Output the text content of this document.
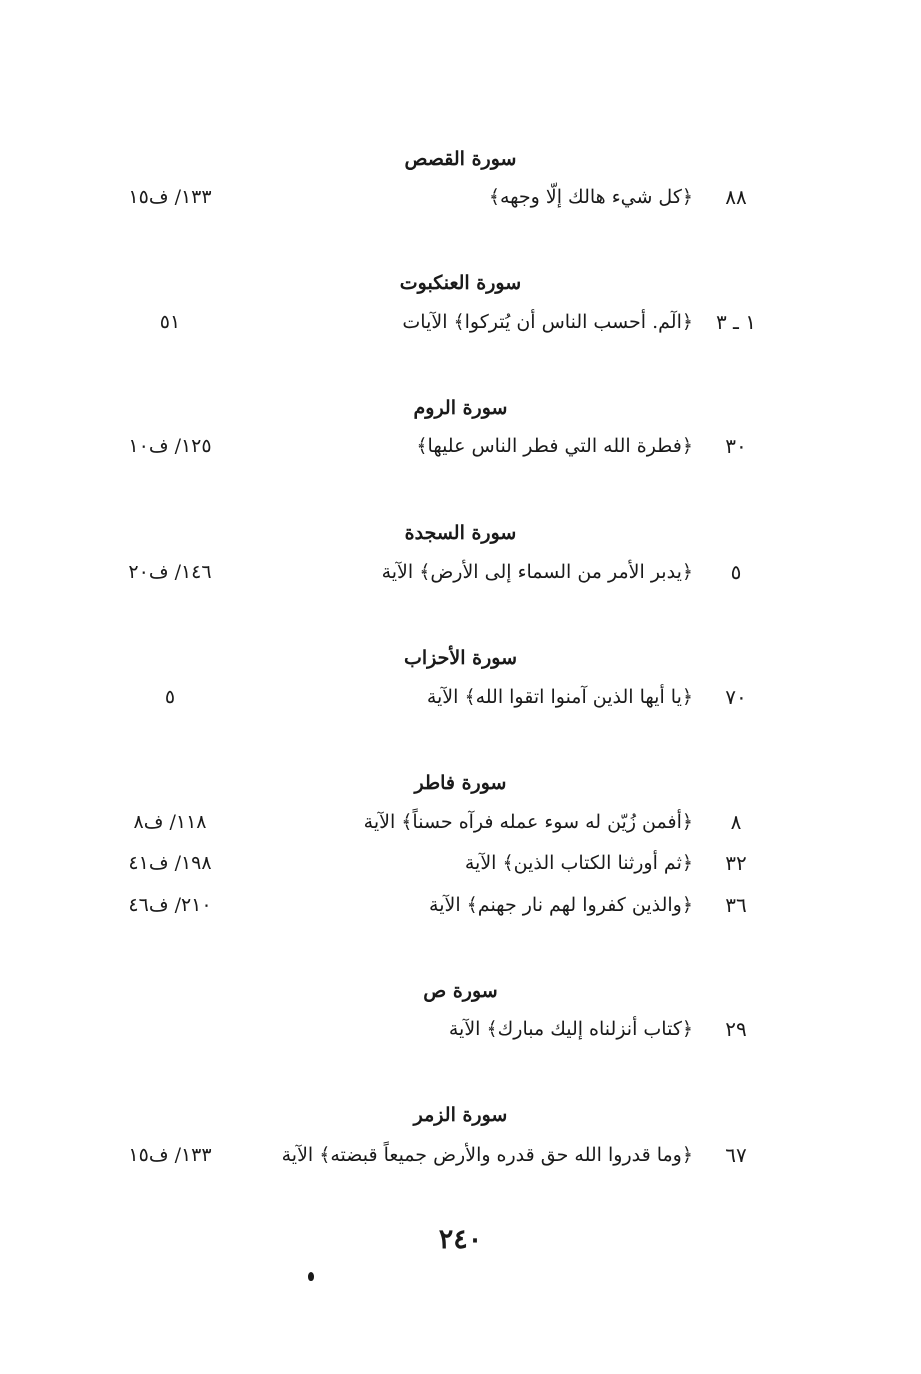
سورة القصص
٨٨
﴿كل شيء هالك إلّا وجهه﴾
١٣٣/ ف١٥
سورة العنكبوت
١ ـ ٣
﴿الٓم. أحسب الناس أن يُتركوا﴾ الآيات
٥١
سورة الروم
٣٠
﴿فطرة الله التي فطر الناس عليها﴾
١٢٥/ ف١٠
سورة السجدة
٥
﴿يدبر الأمر من السماء إلى الأرض﴾ الآية
١٤٦/ ف٢٠
سورة الأحزاب
٧٠
﴿يا أيها الذين آمنوا اتقوا الله﴾ الآية
٥
سورة فاطر
٨
﴿أفمن زُيّن له سوء عمله فرآه حسناً﴾ الآية
١١٨/ ف٨
٣٢
﴿ثم أورثنا الكتاب الذين﴾ الآية
١٩٨/ ف٤١
٣٦
﴿والذين كفروا لهم نار جهنم﴾ الآية
٢١٠/ ف٤٦
سورة ص
٢٩
﴿كتاب أنزلناه إليك مبارك﴾ الآية
سورة الزمر
٦٧
﴿وما قدروا الله حق قدره والأرض جميعاً قبضته﴾ الآية
١٣٣/ ف١٥
٢٤٠
